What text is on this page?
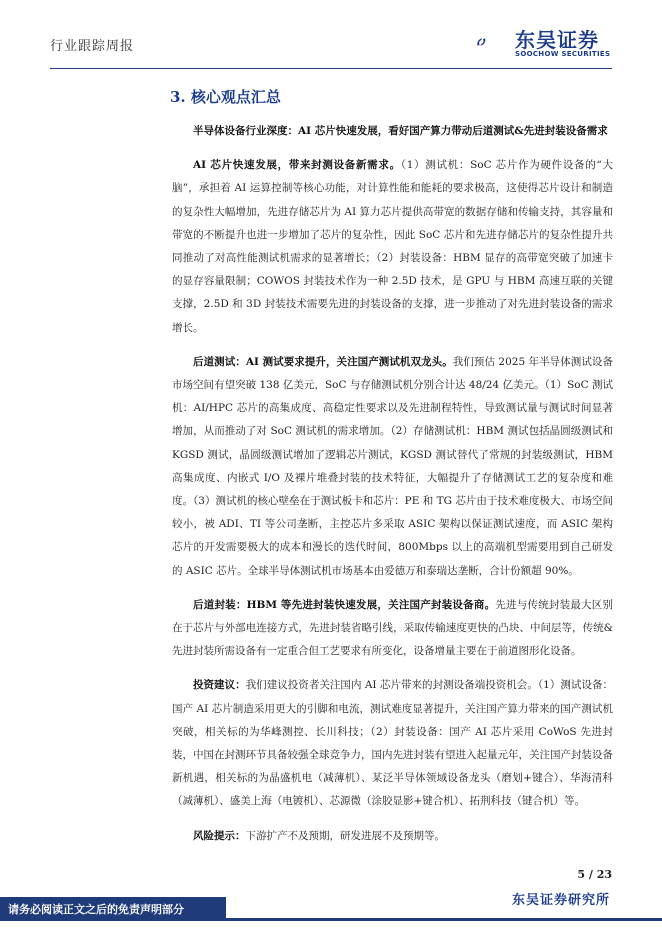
行业跟踪周报	东吴证券
SOOCHOW SECURITIES
3. 核心观点汇总

半导体设备行业深度：AI 芯片快速发展，看好国产算力带动后道测试&先进封装设备需求

AI 芯片快速发展，带来封测设备新需求。（1）测试机：SoC 芯片作为硬件设备的“大脑”，承担着 AI 运算控制等核心功能，对计算性能和能耗的要求极高，这使得芯片设计和制造的复杂性大幅增加，先进存储芯片为 AI 算力芯片提供高带宽的数据存储和传输支持，其容量和带宽的不断提升也进一步增加了芯片的复杂性，因此 SoC 芯片和先进存储芯片的复杂性提升共同推动了对高性能测试机需求的显著增长；（2）封装设备：HBM 显存的高带宽突破了加速卡的显存容量限制；COWOS 封装技术作为一种 2.5D 技术，是 GPU 与 HBM 高速互联的关键支撑，2.5D 和 3D 封装技术需要先进的封装设备的支撑，进一步推动了对先进封装设备的需求增长。

后道测试：AI 测试要求提升，关注国产测试机双龙头。我们预估 2025 年半导体测试设备市场空间有望突破 138 亿美元，SoC 与存储测试机分别合计达 48/24 亿美元。（1）SoC 测试机：AI/HPC 芯片的高集成度、高稳定性要求以及先进制程特性，导致测试量与测试时间显著增加，从而推动了对 SoC 测试机的需求增加。（2）存储测试机：HBM 测试包括晶圆级测试和 KGSD 测试，晶圆级测试增加了逻辑芯片测试，KGSD 测试替代了常规的封装级测试，HBM 高集成度、内嵌式 I/O 及裸片堆叠封装的技术特征，大幅提升了存储测试工艺的复杂度和难度。（3）测试机的核心壁垒在于测试板卡和芯片：PE 和 TG 芯片由于技术难度极大、市场空间较小，被 ADI、TI 等公司垄断，主控芯片多采取 ASIC 架构以保证测试速度，而 ASIC 架构芯片的开发需要极大的成本和漫长的迭代时间，800Mbps 以上的高端机型需要用到自己研发的 ASIC 芯片。全球半导体测试机市场基本由爱德万和泰瑞达垄断，合计份额超 90%。

后道封装：HBM 等先进封装快速发展，关注国产封装设备商。先进与传统封装最大区别在于芯片与外部电连接方式，先进封装省略引线，采取传输速度更快的凸块、中间层等，传统&先进封装所需设备有一定重合但工艺要求有所变化，设备增量主要在于前道图形化设备。

投资建议：我们建议投资者关注国内 AI 芯片带来的封测设备端投资机会。（1）测试设备：国产 AI 芯片制造采用更大的引脚和电流，测试难度显著提升，关注国产算力带来的国产测试机突破，相关标的为华峰测控、长川科技；（2）封装设备：国产 AI 芯片采用 CoWoS 先进封装，中国在封测环节具备较强全球竞争力，国内先进封装有望进入起量元年，关注国产封装设备新机遇，相关标的为晶盛机电（减薄机）、某泛半导体领域设备龙头（磨划+键合）、华海清科（减薄机）、盛美上海（电镀机）、芯源微（涂胶显影+键合机）、拓荆科技（键合机）等。

风险提示：下游扩产不及预期，研发进展不及预期等。

5 / 23
东吴证券研究所
请务必阅读正文之后的免责声明部分
